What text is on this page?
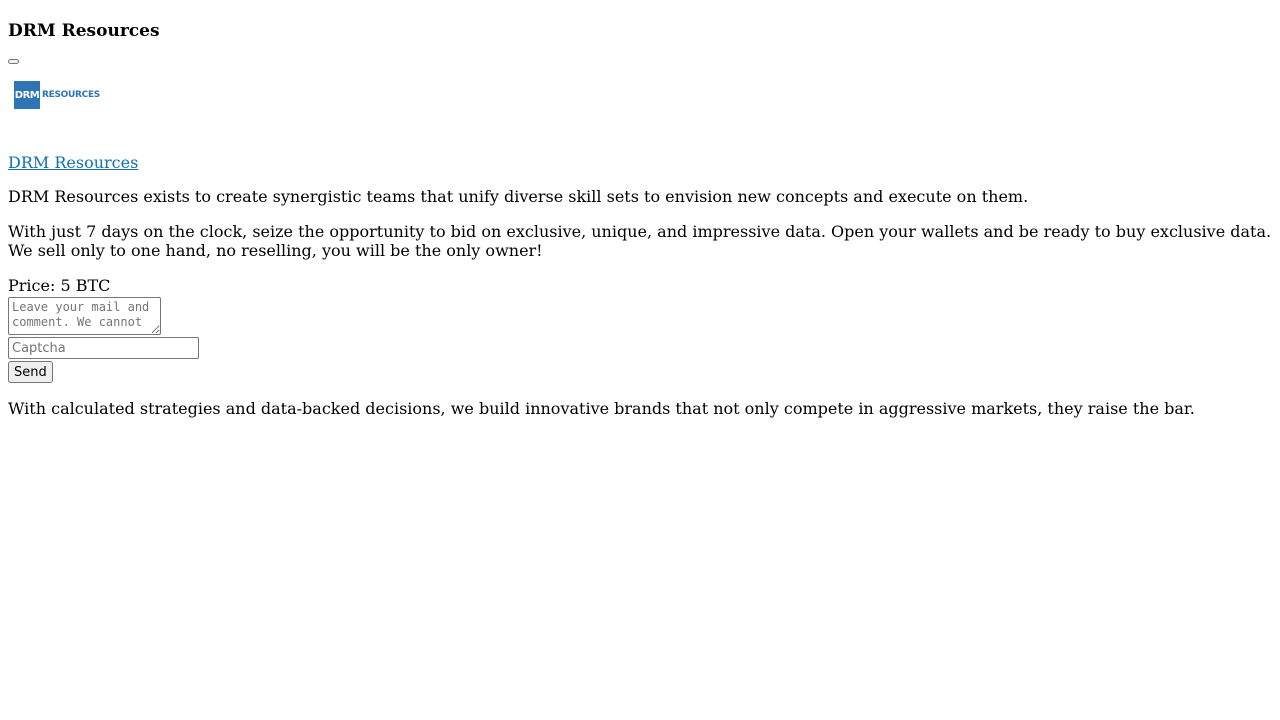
DRM Resources
DRM RESOURCES
DRM Resources

DRM Resources exists to create synergistic teams that unify diverse skill sets to envision new concepts and execute on them.

With just 7 days on the clock, seize the opportunity to bid on exclusive, unique, and impressive data. Open your wallets and be ready to buy exclusive data. We sell only to one hand, no reselling, you will be the only owner!

Price: 5 BTC
Leave your mail and comment. We cannot
Captcha
Send

With calculated strategies and data-backed decisions, we build innovative brands that not only compete in aggressive markets, they raise the bar.
